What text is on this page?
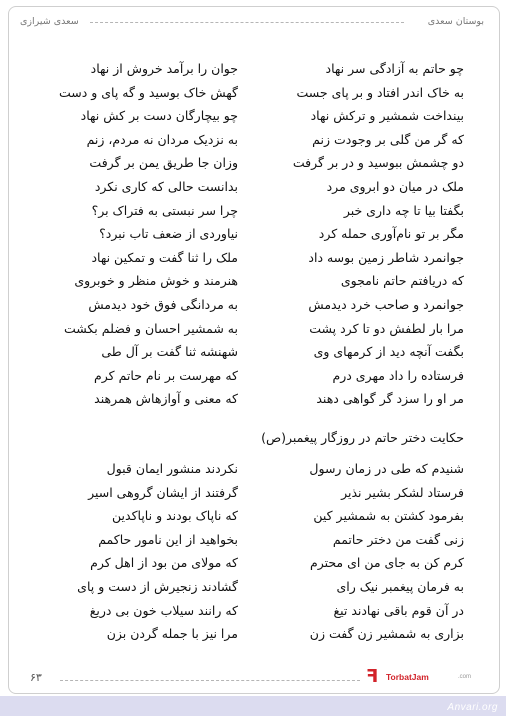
بوستان سعدی
سعدی شیرازی
چو حاتم به آزادگی سر نهاد
جوان را برآمد خروش از نهاد
به خاک اندر افتاد و بر پای جست
گهش خاک بوسید و گه پای و دست
بینداخت شمشیر و ترکش نهاد
چو بیچارگان دست بر کش نهاد
که گر من گلی بر وجودت زنم
به نزدیک مردان نه مردم، زنم
دو چشمش ببوسید و در بر گرفت
وزان جا طریق یمن بر گرفت
ملک در میان دو ابروی مرد
بدانست حالی که کاری نکرد
بگفتا بیا تا چه داری خبر
چرا سر نبستی به فتراک بر؟
مگر بر تو نام‌آوری حمله کرد
نیاوردی از ضعف تاب نبرد؟
جوانمرد شاطر زمین بوسه داد
ملک را ثنا گفت و تمکین نهاد
که دریافتم حاتم نامجوی
هنرمند و خوش منظر و خوبروی
جوانمرد و صاحب خرد دیدمش
به مردانگی فوق خود دیدمش
مرا بار لطفش دو تا کرد پشت
به شمشیر احسان و فضلم بکشت
بگفت آنچه دید از کرمهای وی
شهنشه ثنا گفت بر آل طی
فرستاده را داد مهری درم
که مهرست بر نام حاتم کرم
مر او را سزد گر گواهی دهند
که معنی و آوازهاش همرهند
حکایت دختر حاتم در روزگار پیغمبر(ص)
شنیدم که طی در زمان رسول
نکردند منشور ایمان قبول
فرستاد لشکر بشیر نذیر
گرفتند از ایشان گروهی اسیر
بفرمود کشتن به شمشیر کین
که ناپاک بودند و ناپاکدین
زنی گفت من دختر حاتمم
بخواهید از این نامور حاکمم
کرم کن به جای من ای محترم
که مولای من بود از اهل کرم
به فرمان پیغمبر نیک رای
گشادند زنجیرش از دست و پای
در آن قوم باقی نهادند تیغ
که رانند سیلاب خون بی دریغ
بزاری به شمشیر زن گفت زن
مرا نیز با جمله گردن بزن
۶۳	ꟻ TorbatJam	.com
Anvari.org
